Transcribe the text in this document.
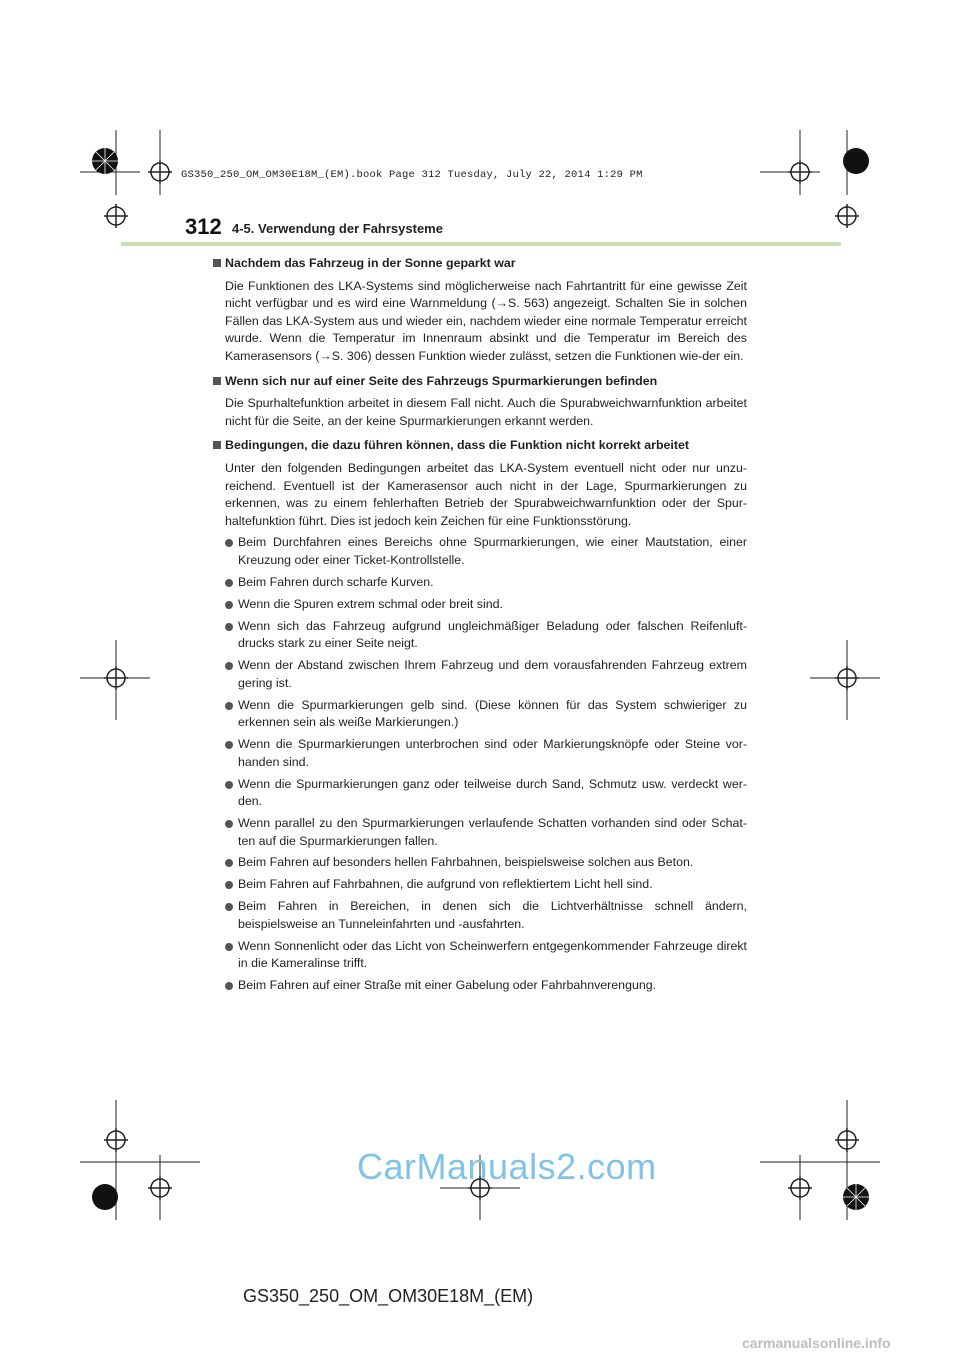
GS350_250_OM_OM30E18M_(EM).book Page 312 Tuesday, July 22, 2014 1:29 PM
312 4-5. Verwendung der Fahrsysteme
Nachdem das Fahrzeug in der Sonne geparkt war
Die Funktionen des LKA-Systems sind möglicherweise nach Fahrtantritt für eine gewisse Zeit nicht verfügbar und es wird eine Warnmeldung (→S. 563) angezeigt. Schalten Sie in solchen Fällen das LKA-System aus und wieder ein, nachdem wieder eine normale Temperatur erreicht wurde. Wenn die Temperatur im Innenraum absinkt und die Temperatur im Bereich des Kamerasensors (→S. 306) dessen Funktion wieder zulässt, setzen die Funktionen wie-der ein.
Wenn sich nur auf einer Seite des Fahrzeugs Spurmarkierungen befinden
Die Spurhaltefunktion arbeitet in diesem Fall nicht. Auch die Spurabweichwarnfunktion arbeitet nicht für die Seite, an der keine Spurmarkierungen erkannt werden.
Bedingungen, die dazu führen können, dass die Funktion nicht korrekt arbeitet
Unter den folgenden Bedingungen arbeitet das LKA-System eventuell nicht oder nur unzu-reichend. Eventuell ist der Kamerasensor auch nicht in der Lage, Spurmarkierungen zu erkennen, was zu einem fehlerhaften Betrieb der Spurabweichwarnfunktion oder der Spur-haltefunktion führt. Dies ist jedoch kein Zeichen für eine Funktionsstörung.
Beim Durchfahren eines Bereichs ohne Spurmarkierungen, wie einer Mautstation, einer Kreuzung oder einer Ticket-Kontrollstelle.
Beim Fahren durch scharfe Kurven.
Wenn die Spuren extrem schmal oder breit sind.
Wenn sich das Fahrzeug aufgrund ungleichmäßiger Beladung oder falschen Reifenluft-drucks stark zu einer Seite neigt.
Wenn der Abstand zwischen Ihrem Fahrzeug und dem vorausfahrenden Fahrzeug extrem gering ist.
Wenn die Spurmarkierungen gelb sind. (Diese können für das System schwieriger zu erkennen sein als weiße Markierungen.)
Wenn die Spurmarkierungen unterbrochen sind oder Markierungsknöpfe oder Steine vor-handen sind.
Wenn die Spurmarkierungen ganz oder teilweise durch Sand, Schmutz usw. verdeckt wer-den.
Wenn parallel zu den Spurmarkierungen verlaufende Schatten vorhanden sind oder Schat-ten auf die Spurmarkierungen fallen.
Beim Fahren auf besonders hellen Fahrbahnen, beispielsweise solchen aus Beton.
Beim Fahren auf Fahrbahnen, die aufgrund von reflektiertem Licht hell sind.
Beim Fahren in Bereichen, in denen sich die Lichtverhältnisse schnell ändern, beispielsweise an Tunneleinfahrten und -ausfahrten.
Wenn Sonnenlicht oder das Licht von Scheinwerfern entgegenkommender Fahrzeuge direkt in die Kameralinse trifft.
Beim Fahren auf einer Straße mit einer Gabelung oder Fahrbahnverengung.
CarManuals2.com
GS350_250_OM_OM30E18M_(EM)
carmanualsonline.info
